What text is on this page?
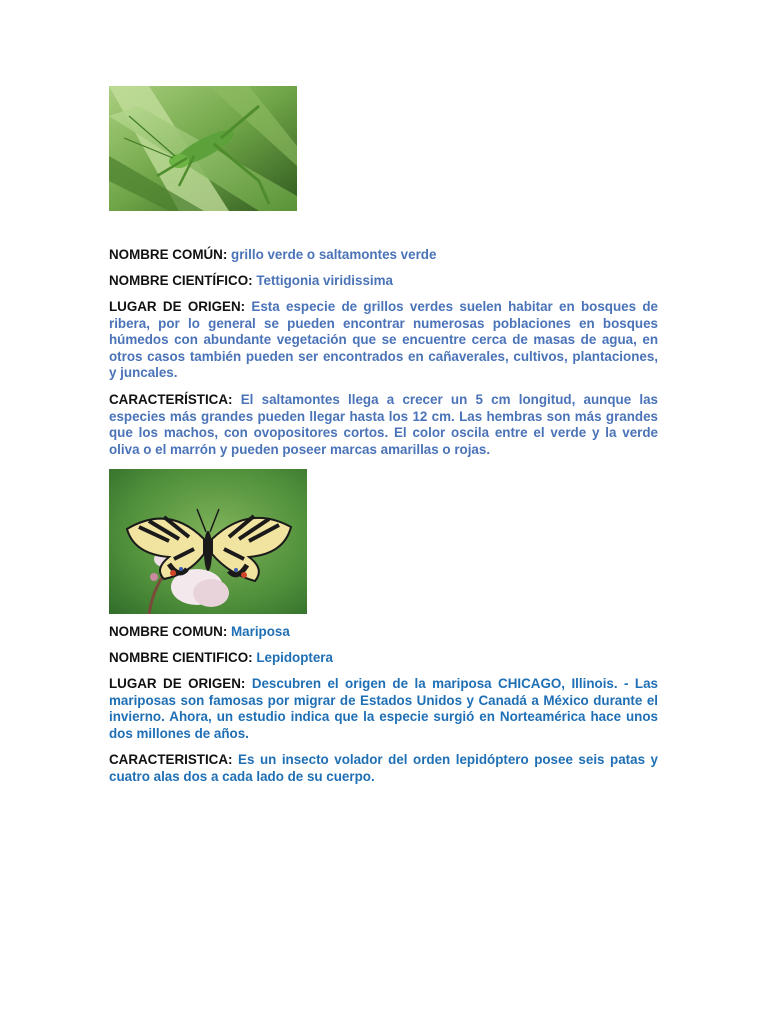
NOMBRE COMÚN: grillo verde o saltamontes verde

NOMBRE CIENTÍFICO: Tettigonia viridissima

LUGAR DE ORIGEN: Esta especie de grillos verdes suelen habitar en bosques de ribera, por lo general se pueden encontrar numerosas poblaciones en bosques húmedos con abundante vegetación que se encuentre cerca de masas de agua, en otros casos también pueden ser encontrados en cañaverales, cultivos, plantaciones, y juncales.

CARACTERÍSTICA: El saltamontes llega a crecer un 5 cm longitud, aunque las especies más grandes pueden llegar hasta los 12 cm. Las hembras son más grandes que los machos, con ovopositores cortos. El color oscila entre el verde y la verde oliva o el marrón y pueden poseer marcas amarillas o rojas.

NOMBRE COMUN: Mariposa

NOMBRE CIENTIFICO: Lepidoptera

LUGAR DE ORIGEN: Descubren el origen de la mariposa CHICAGO, Illinois. - Las mariposas son famosas por migrar de Estados Unidos y Canadá a México durante el invierno. Ahora, un estudio indica que la especie surgió en Norteamérica hace unos dos millones de años.

CARACTERISTICA: Es un insecto volador del orden lepidóptero posee seis patas y cuatro alas dos a cada lado de su cuerpo.
